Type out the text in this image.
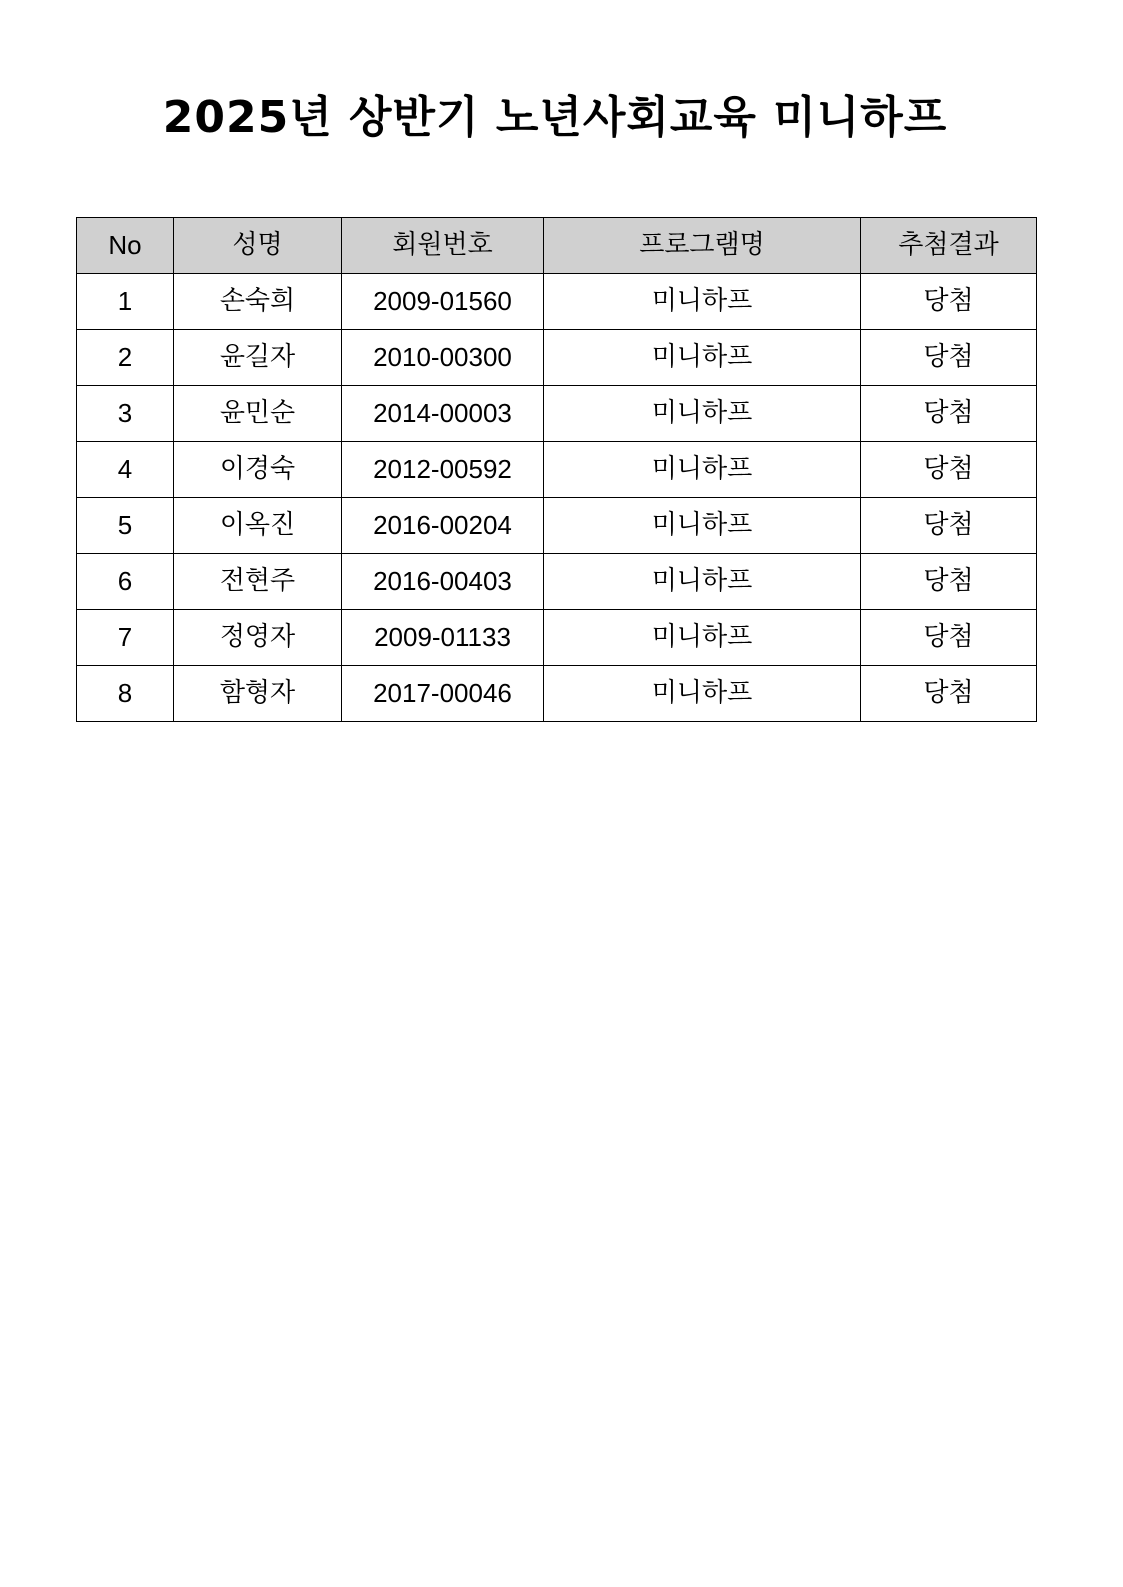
2025년 상반기 노년사회교육 미니하프
No	성명	회원번호	프로그램명	추첨결과
1	손숙희	2009-01560	미니하프	당첨
2	윤길자	2010-00300	미니하프	당첨
3	윤민순	2014-00003	미니하프	당첨
4	이경숙	2012-00592	미니하프	당첨
5	이옥진	2016-00204	미니하프	당첨
6	전현주	2016-00403	미니하프	당첨
7	정영자	2009-01133	미니하프	당첨
8	함형자	2017-00046	미니하프	당첨
